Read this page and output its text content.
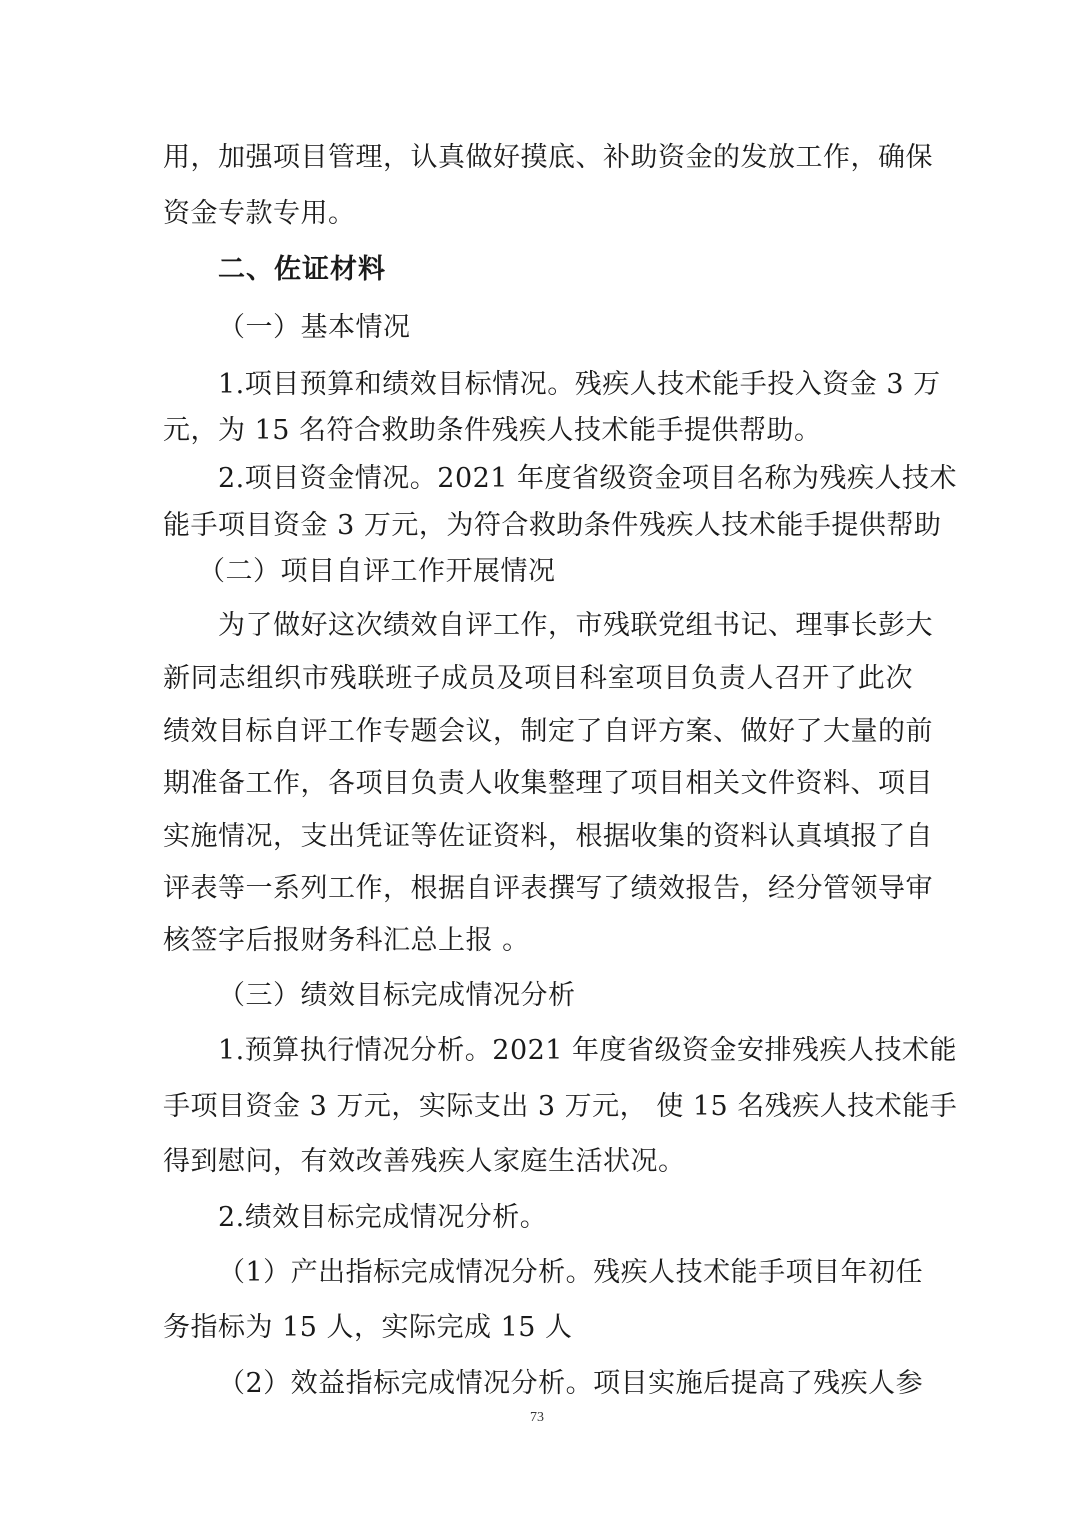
用，加强项目管理，认真做好摸底、补助资金的发放工作，确保
资金专款专用。
二、佐证材料
（一）基本情况
1.项目预算和绩效目标情况。残疾人技术能手投入资金 3 万
元，为 15 名符合救助条件残疾人技术能手提供帮助。
2.项目资金情况。2021 年度省级资金项目名称为残疾人技术
能手项目资金 3 万元，为符合救助条件残疾人技术能手提供帮助
（二）项目自评工作开展情况
为了做好这次绩效自评工作，市残联党组书记、理事长彭大
新同志组织市残联班子成员及项目科室项目负责人召开了此次
绩效目标自评工作专题会议，制定了自评方案、做好了大量的前
期准备工作，各项目负责人收集整理了项目相关文件资料、项目
实施情况，支出凭证等佐证资料，根据收集的资料认真填报了自
评表等一系列工作，根据自评表撰写了绩效报告，经分管领导审
核签字后报财务科汇总上报 。
（三）绩效目标完成情况分析
1.预算执行情况分析。2021 年度省级资金安排残疾人技术能
手项目资金 3 万元，实际支出 3 万元， 使 15 名残疾人技术能手
得到慰问，有效改善残疾人家庭生活状况。
2.绩效目标完成情况分析。
（1）产出指标完成情况分析。残疾人技术能手项目年初任
务指标为 15 人，实际完成 15 人
（2）效益指标完成情况分析。项目实施后提高了残疾人参
73
